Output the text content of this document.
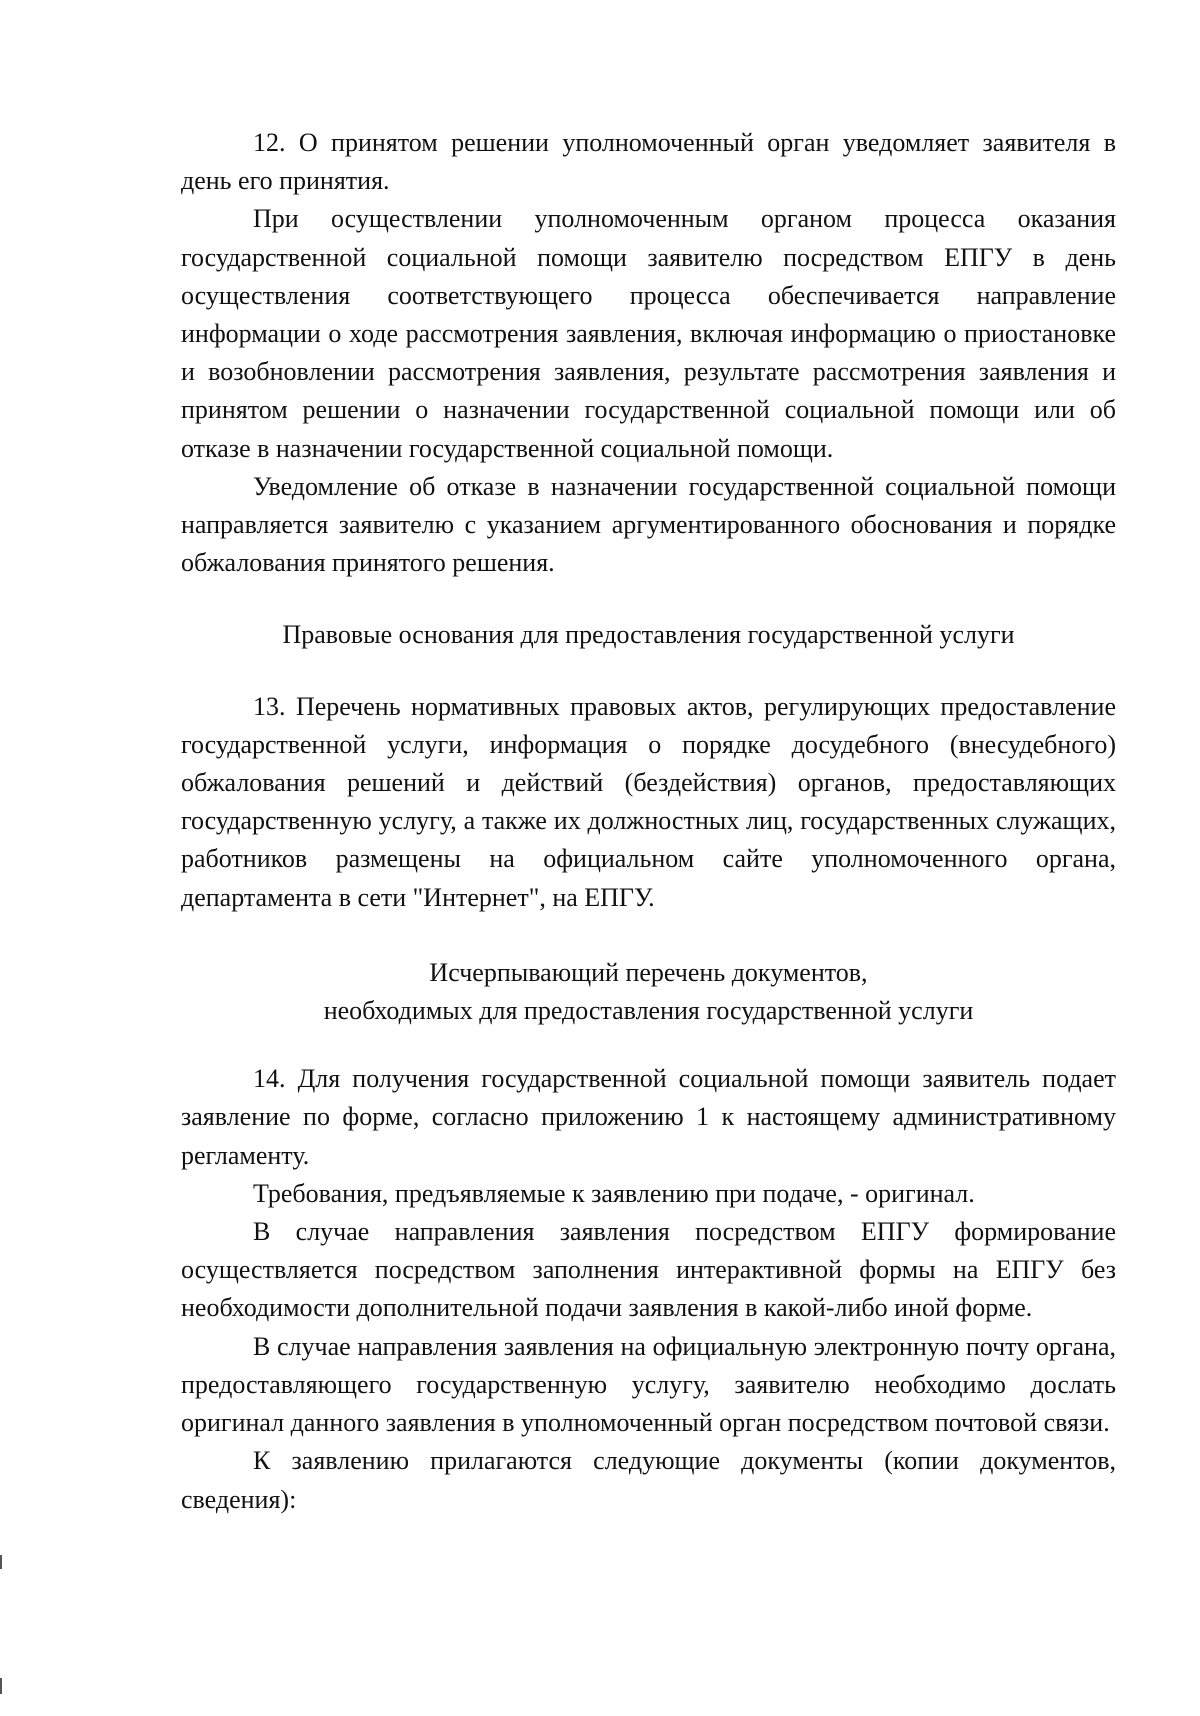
12. О принятом решении уполномоченный орган уведомляет заявителя в день его принятия.

При осуществлении уполномоченным органом процесса оказания государственной социальной помощи заявителю посредством ЕПГУ в день осуществления соответствующего процесса обеспечивается направление информации о ходе рассмотрения заявления, включая информацию о приостановке и возобновлении рассмотрения заявления, результате рассмотрения заявления и принятом решении о назначении государственной социальной помощи или об отказе в назначении государственной социальной помощи.

Уведомление об отказе в назначении государственной социальной помощи направляется заявителю с указанием аргументированного обоснования и порядке обжалования принятого решения.

Правовые основания для предоставления государственной услуги

13. Перечень нормативных правовых актов, регулирующих предоставление государственной услуги, информация о порядке досудебного (внесудебного) обжалования решений и действий (бездействия) органов, предоставляющих государственную услугу, а также их должностных лиц, государственных служащих, работников размещены на официальном сайте уполномоченного органа, департамента в сети "Интернет", на ЕПГУ.

Исчерпывающий перечень документов,

необходимых для предоставления государственной услуги

14. Для получения государственной социальной помощи заявитель подает заявление по форме, согласно приложению 1 к настоящему административному регламенту.

Требования, предъявляемые к заявлению при подаче, - оригинал.

В случае направления заявления посредством ЕПГУ формирование осуществляется посредством заполнения интерактивной формы на ЕПГУ без необходимости дополнительной подачи заявления в какой-либо иной форме.

В случае направления заявления на официальную электронную почту органа, предоставляющего государственную услугу, заявителю необходимо дослать оригинал данного заявления в уполномоченный орган посредством почтовой связи.

К заявлению прилагаются следующие документы (копии документов, сведения):
